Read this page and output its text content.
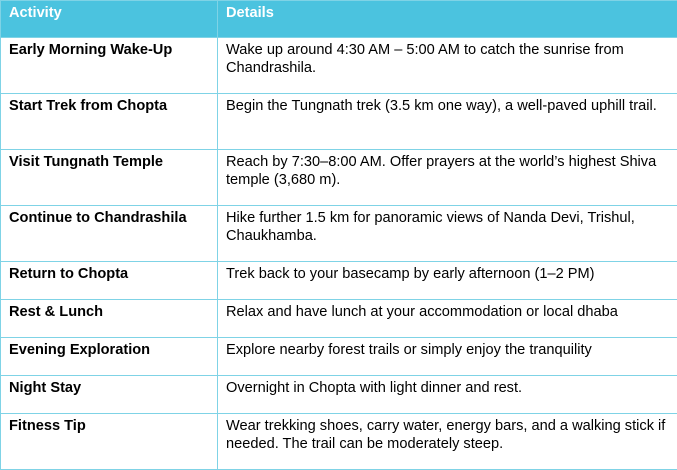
Activity	Details
Early Morning Wake-Up	Wake up around 4:30 AM – 5:00 AM to catch the sunrise from Chandrashila.
Start Trek from Chopta	Begin the Tungnath trek (3.5 km one way), a well-paved uphill trail.
Visit Tungnath Temple	Reach by 7:30–8:00 AM. Offer prayers at the world’s highest Shiva temple (3,680 m).
Continue to Chandrashila	Hike further 1.5 km for panoramic views of Nanda Devi, Trishul, Chaukhamba.
Return to Chopta	Trek back to your basecamp by early afternoon (1–2 PM)
Rest & Lunch	Relax and have lunch at your accommodation or local dhaba
Evening Exploration	Explore nearby forest trails or simply enjoy the tranquility
Night Stay	Overnight in Chopta with light dinner and rest.
Fitness Tip	Wear trekking shoes, carry water, energy bars, and a walking stick if needed. The trail can be moderately steep.
